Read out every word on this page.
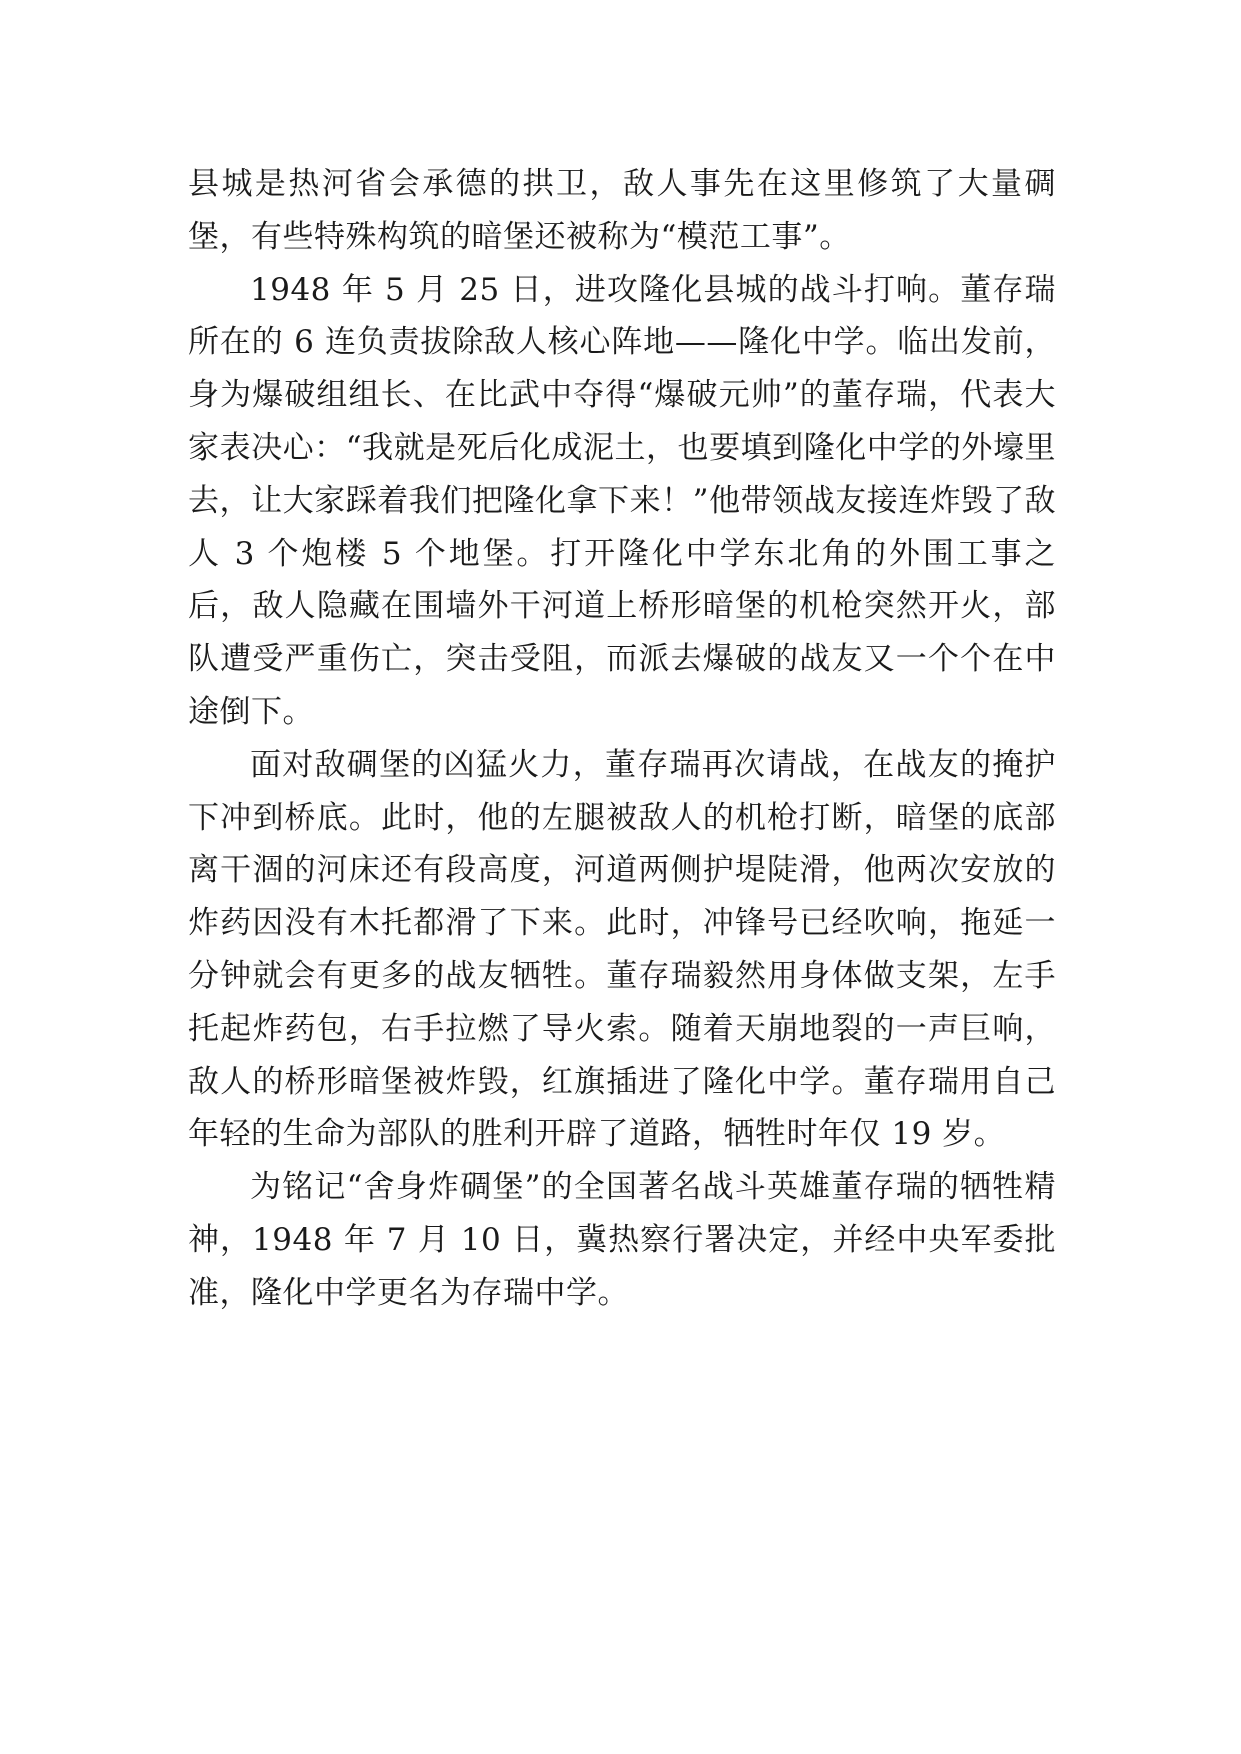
县城是热河省会承德的拱卫，敌人事先在这里修筑了大量碉堡，有些特殊构筑的暗堡还被称为“模范工事”。

1948 年 5 月 25 日，进攻隆化县城的战斗打响。董存瑞所在的 6 连负责拔除敌人核心阵地——隆化中学。临出发前，身为爆破组组长、在比武中夺得“爆破元帅”的董存瑞，代表大家表决心：“我就是死后化成泥土，也要填到隆化中学的外壕里去，让大家踩着我们把隆化拿下来！”他带领战友接连炸毁了敌人 3 个炮楼 5 个地堡。打开隆化中学东北角的外围工事之后，敌人隐藏在围墙外干河道上桥形暗堡的机枪突然开火，部队遭受严重伤亡，突击受阻，而派去爆破的战友又一个个在中途倒下。

面对敌碉堡的凶猛火力，董存瑞再次请战，在战友的掩护下冲到桥底。此时，他的左腿被敌人的机枪打断，暗堡的底部离干涸的河床还有段高度，河道两侧护堤陡滑，他两次安放的炸药因没有木托都滑了下来。此时，冲锋号已经吹响，拖延一分钟就会有更多的战友牺牲。董存瑞毅然用身体做支架，左手托起炸药包，右手拉燃了导火索。随着天崩地裂的一声巨响，敌人的桥形暗堡被炸毁，红旗插进了隆化中学。董存瑞用自己年轻的生命为部队的胜利开辟了道路，牺牲时年仅 19 岁。

为铭记“舍身炸碉堡”的全国著名战斗英雄董存瑞的牺牲精神，1948 年 7 月 10 日，冀热察行署决定，并经中央军委批准，隆化中学更名为存瑞中学。
